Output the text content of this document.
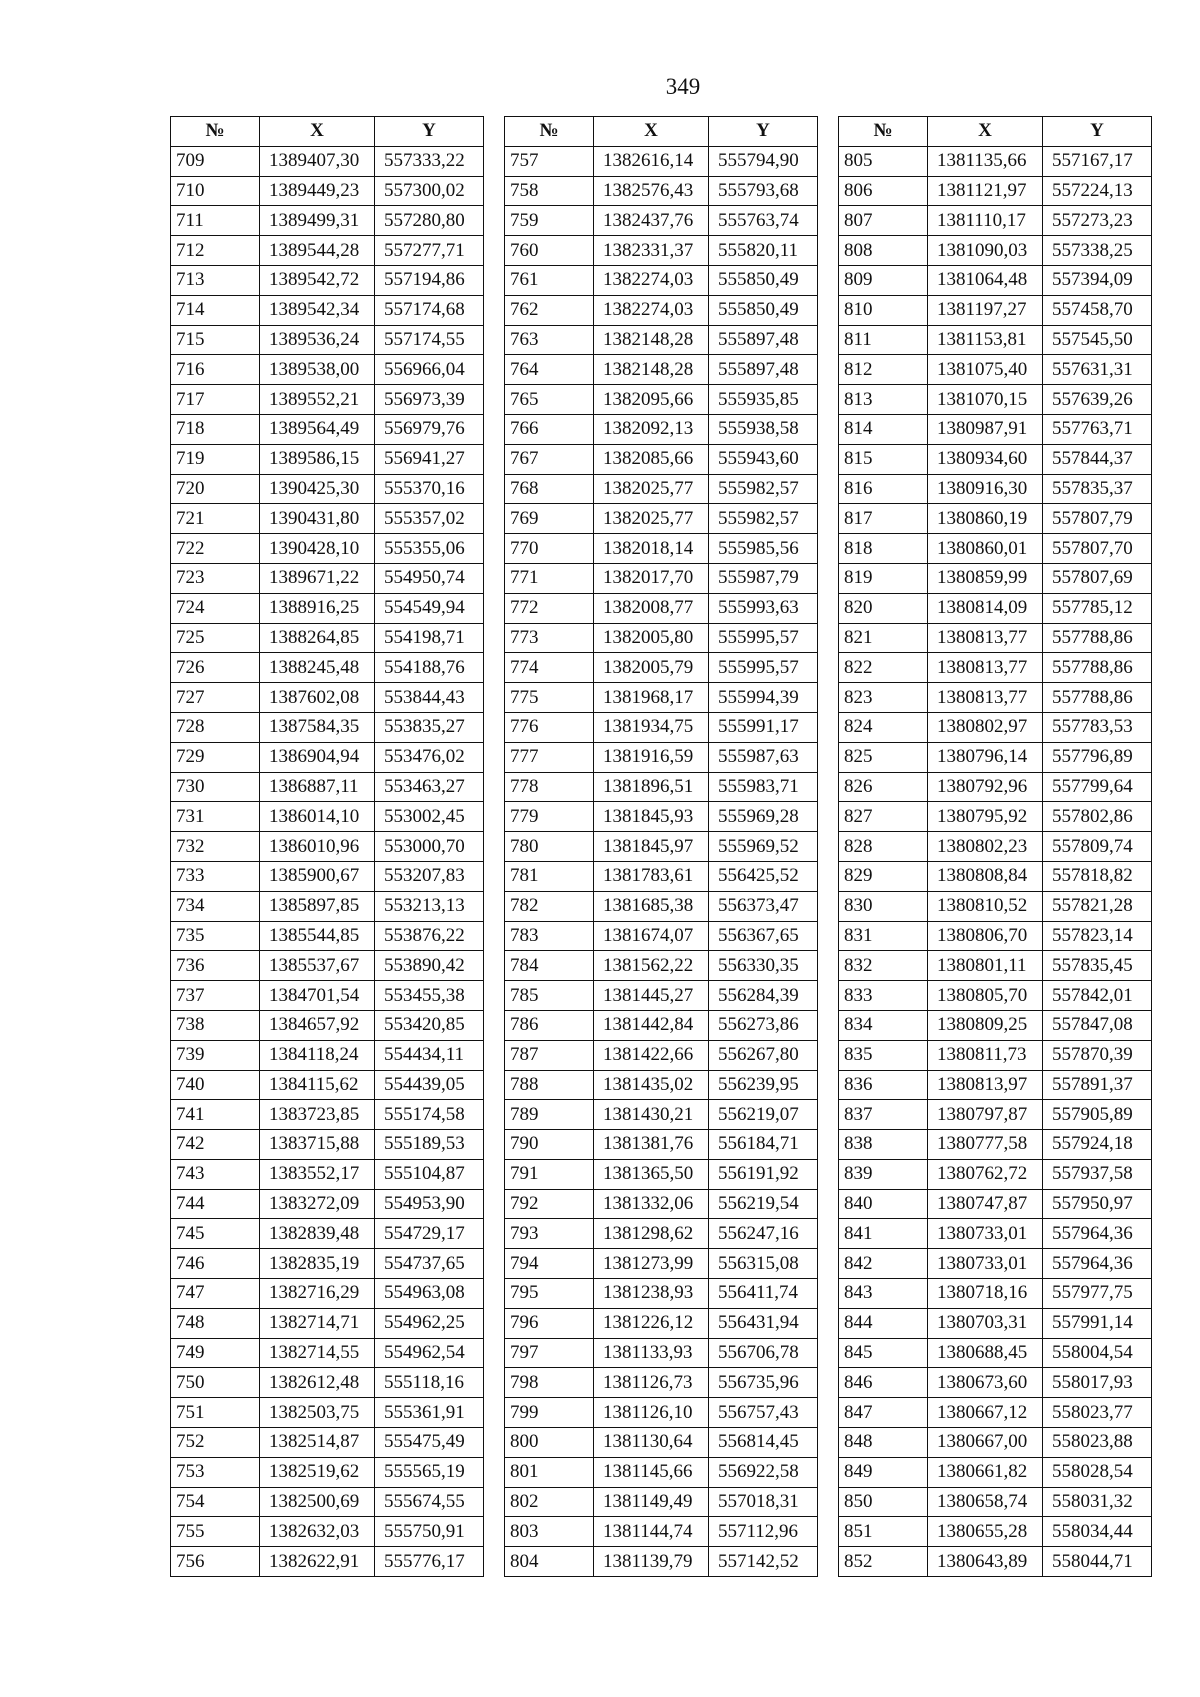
349
№	X	Y
709	1389407,30	557333,22
710	1389449,23	557300,02
711	1389499,31	557280,80
712	1389544,28	557277,71
713	1389542,72	557194,86
714	1389542,34	557174,68
715	1389536,24	557174,55
716	1389538,00	556966,04
717	1389552,21	556973,39
718	1389564,49	556979,76
719	1389586,15	556941,27
720	1390425,30	555370,16
721	1390431,80	555357,02
722	1390428,10	555355,06
723	1389671,22	554950,74
724	1388916,25	554549,94
725	1388264,85	554198,71
726	1388245,48	554188,76
727	1387602,08	553844,43
728	1387584,35	553835,27
729	1386904,94	553476,02
730	1386887,11	553463,27
731	1386014,10	553002,45
732	1386010,96	553000,70
733	1385900,67	553207,83
734	1385897,85	553213,13
735	1385544,85	553876,22
736	1385537,67	553890,42
737	1384701,54	553455,38
738	1384657,92	553420,85
739	1384118,24	554434,11
740	1384115,62	554439,05
741	1383723,85	555174,58
742	1383715,88	555189,53
743	1383552,17	555104,87
744	1383272,09	554953,90
745	1382839,48	554729,17
746	1382835,19	554737,65
747	1382716,29	554963,08
748	1382714,71	554962,25
749	1382714,55	554962,54
750	1382612,48	555118,16
751	1382503,75	555361,91
752	1382514,87	555475,49
753	1382519,62	555565,19
754	1382500,69	555674,55
755	1382632,03	555750,91
756	1382622,91	555776,17
№	X	Y
757	1382616,14	555794,90
758	1382576,43	555793,68
759	1382437,76	555763,74
760	1382331,37	555820,11
761	1382274,03	555850,49
762	1382274,03	555850,49
763	1382148,28	555897,48
764	1382148,28	555897,48
765	1382095,66	555935,85
766	1382092,13	555938,58
767	1382085,66	555943,60
768	1382025,77	555982,57
769	1382025,77	555982,57
770	1382018,14	555985,56
771	1382017,70	555987,79
772	1382008,77	555993,63
773	1382005,80	555995,57
774	1382005,79	555995,57
775	1381968,17	555994,39
776	1381934,75	555991,17
777	1381916,59	555987,63
778	1381896,51	555983,71
779	1381845,93	555969,28
780	1381845,97	555969,52
781	1381783,61	556425,52
782	1381685,38	556373,47
783	1381674,07	556367,65
784	1381562,22	556330,35
785	1381445,27	556284,39
786	1381442,84	556273,86
787	1381422,66	556267,80
788	1381435,02	556239,95
789	1381430,21	556219,07
790	1381381,76	556184,71
791	1381365,50	556191,92
792	1381332,06	556219,54
793	1381298,62	556247,16
794	1381273,99	556315,08
795	1381238,93	556411,74
796	1381226,12	556431,94
797	1381133,93	556706,78
798	1381126,73	556735,96
799	1381126,10	556757,43
800	1381130,64	556814,45
801	1381145,66	556922,58
802	1381149,49	557018,31
803	1381144,74	557112,96
804	1381139,79	557142,52
№	X	Y
805	1381135,66	557167,17
806	1381121,97	557224,13
807	1381110,17	557273,23
808	1381090,03	557338,25
809	1381064,48	557394,09
810	1381197,27	557458,70
811	1381153,81	557545,50
812	1381075,40	557631,31
813	1381070,15	557639,26
814	1380987,91	557763,71
815	1380934,60	557844,37
816	1380916,30	557835,37
817	1380860,19	557807,79
818	1380860,01	557807,70
819	1380859,99	557807,69
820	1380814,09	557785,12
821	1380813,77	557788,86
822	1380813,77	557788,86
823	1380813,77	557788,86
824	1380802,97	557783,53
825	1380796,14	557796,89
826	1380792,96	557799,64
827	1380795,92	557802,86
828	1380802,23	557809,74
829	1380808,84	557818,82
830	1380810,52	557821,28
831	1380806,70	557823,14
832	1380801,11	557835,45
833	1380805,70	557842,01
834	1380809,25	557847,08
835	1380811,73	557870,39
836	1380813,97	557891,37
837	1380797,87	557905,89
838	1380777,58	557924,18
839	1380762,72	557937,58
840	1380747,87	557950,97
841	1380733,01	557964,36
842	1380733,01	557964,36
843	1380718,16	557977,75
844	1380703,31	557991,14
845	1380688,45	558004,54
846	1380673,60	558017,93
847	1380667,12	558023,77
848	1380667,00	558023,88
849	1380661,82	558028,54
850	1380658,74	558031,32
851	1380655,28	558034,44
852	1380643,89	558044,71
